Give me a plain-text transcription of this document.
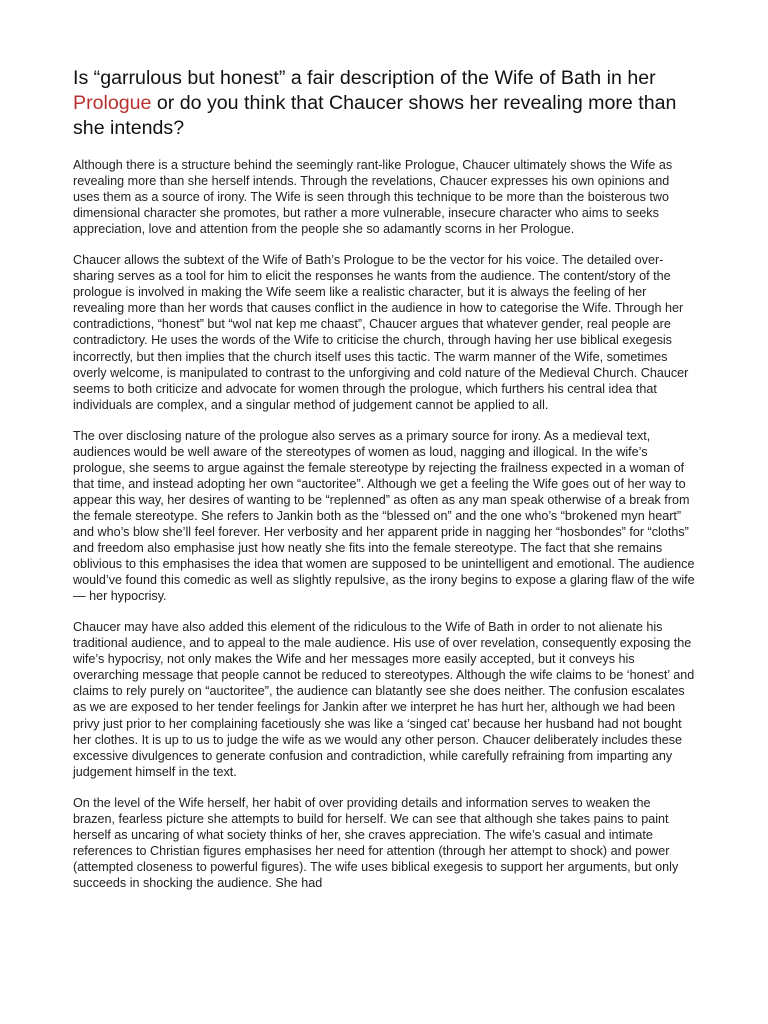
Is “garrulous but honest” a fair description of the Wife of Bath in her Prologue or do you think that Chaucer shows her revealing more than she intends?

Although there is a structure behind the seemingly rant-like Prologue, Chaucer ultimately shows the Wife as revealing more than she herself intends. Through the revelations, Chaucer expresses his own opinions and uses them as a source of irony. The Wife is seen through this technique to be more than the boisterous two dimensional character she promotes, but rather a more vulnerable, insecure character who aims to seeks appreciation, love and attention from the people she so adamantly scorns in her Prologue.

Chaucer allows the subtext of the Wife of Bath’s Prologue to be the vector for his voice. The detailed over-sharing serves as a tool for him to elicit the responses he wants from the audience. The content/story of the prologue is involved in making the Wife seem like a realistic character, but it is always the feeling of her revealing more than her words that causes conflict in the audience in how to categorise the Wife. Through her contradictions, “honest” but “wol nat kep me chaast”, Chaucer argues that whatever gender, real people are contradictory. He uses the words of the Wife to criticise the church, through having her use biblical exegesis incorrectly, but then implies that the church itself uses this tactic. The warm manner of the Wife, sometimes overly welcome, is manipulated to contrast to the unforgiving and cold nature of the Medieval Church. Chaucer seems to both criticize and advocate for women through the prologue, which furthers his central idea that individuals are complex, and a singular method of judgement cannot be applied to all.

The over disclosing nature of the prologue also serves as a primary source for irony. As a medieval text, audiences would be well aware of the stereotypes of women as loud, nagging and illogical. In the wife’s prologue, she seems to argue against the female stereotype by rejecting the frailness expected in a woman of that time, and instead adopting her own “auctoritee”. Although we get a feeling the Wife goes out of her way to appear this way, her desires of wanting to be “replenned” as often as any man speak otherwise of a break from the female stereotype. She refers to Jankin both as the “blessed on” and the one who’s “brokened myn heart” and who’s blow she’ll feel forever. Her verbosity and her apparent pride in nagging her “hosbondes” for “cloths” and freedom also emphasise just how neatly she fits into the female stereotype. The fact that she remains oblivious to this emphasises the idea that women are supposed to be unintelligent and emotional. The audience would’ve found this comedic as well as slightly repulsive, as the irony begins to expose a glaring flaw of the wife— her hypocrisy.

Chaucer may have also added this element of the ridiculous to the Wife of Bath in order to not alienate his traditional audience, and to appeal to the male audience. His use of over revelation, consequently exposing the wife’s hypocrisy, not only makes the Wife and her messages more easily accepted, but it conveys his overarching message that people cannot be reduced to stereotypes. Although the wife claims to be ‘honest’ and claims to rely purely on “auctoritee”, the audience can blatantly see she does neither. The confusion escalates as we are exposed to her tender feelings for Jankin after we interpret he has hurt her, although we had been privy just prior to her complaining facetiously she was like a ‘singed cat’ because her husband had not bought her clothes. It is up to us to judge the wife as we would any other person. Chaucer deliberately includes these excessive divulgences to generate confusion and contradiction, while carefully refraining from imparting any judgement himself in the text.

On the level of the Wife herself, her habit of over providing details and information serves to weaken the brazen, fearless picture she attempts to build for herself. We can see that although she takes pains to paint herself as uncaring of what society thinks of her, she craves appreciation. The wife’s casual and intimate references to Christian figures emphasises her need for attention (through her attempt to shock) and power (attempted closeness to powerful figures). The wife uses biblical exegesis to support her arguments, but only succeeds in shocking the audience. She had
